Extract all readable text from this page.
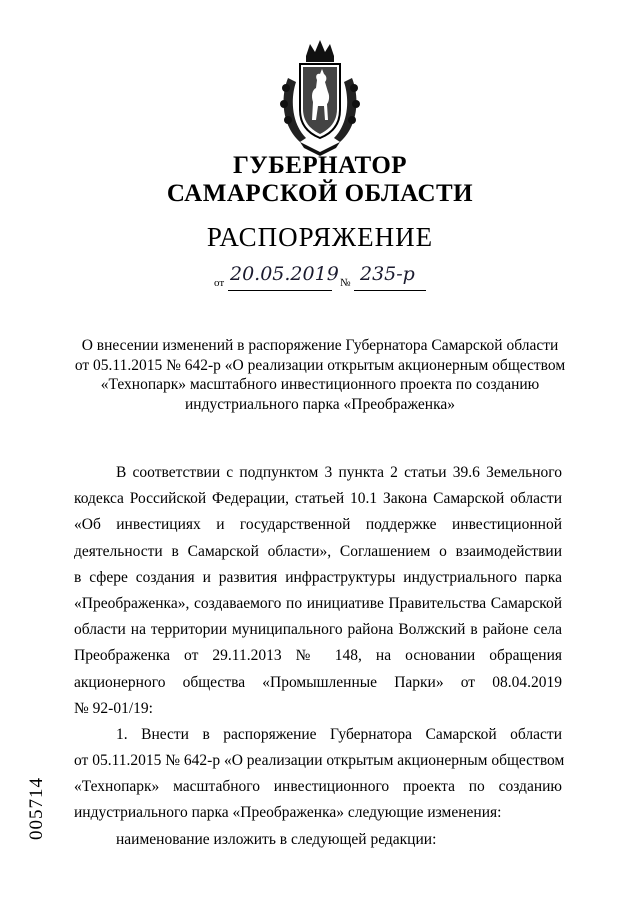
ГУБЕРНАТОР
САМАРСКОЙ ОБЛАСТИ
РАСПОРЯЖЕНИЕ
от 20.05.2019 № 235-р
О внесении изменений в распоряжение Губернатора Самарской области
от 05.11.2015 № 642-р «О реализации открытым акционерным обществом
«Технопарк» масштабного инвестиционного проекта по созданию
индустриального парка «Преображенка»
В соответствии с подпунктом 3 пункта 2 статьи 39.6 Земельного
кодекса Российской Федерации, статьей 10.1 Закона Самарской области
«Об инвестициях и государственной поддержке инвестиционной
деятельности в Самарской области», Соглашением о взаимодействии
в сфере создания и развития инфраструктуры индустриального парка
«Преображенка», создаваемого по инициативе Правительства Самарской
области на территории муниципального района Волжский в районе села
Преображенка от 29.11.2013 № 148, на основании обращения
акционерного общества «Промышленные Парки» от 08.04.2019
№ 92-01/19:
1. Внести в распоряжение Губернатора Самарской области
от 05.11.2015 № 642-р «О реализации открытым акционерным обществом
«Технопарк» масштабного инвестиционного проекта по созданию
индустриального парка «Преображенка» следующие изменения:
наименование изложить в следующей редакции:
005714
